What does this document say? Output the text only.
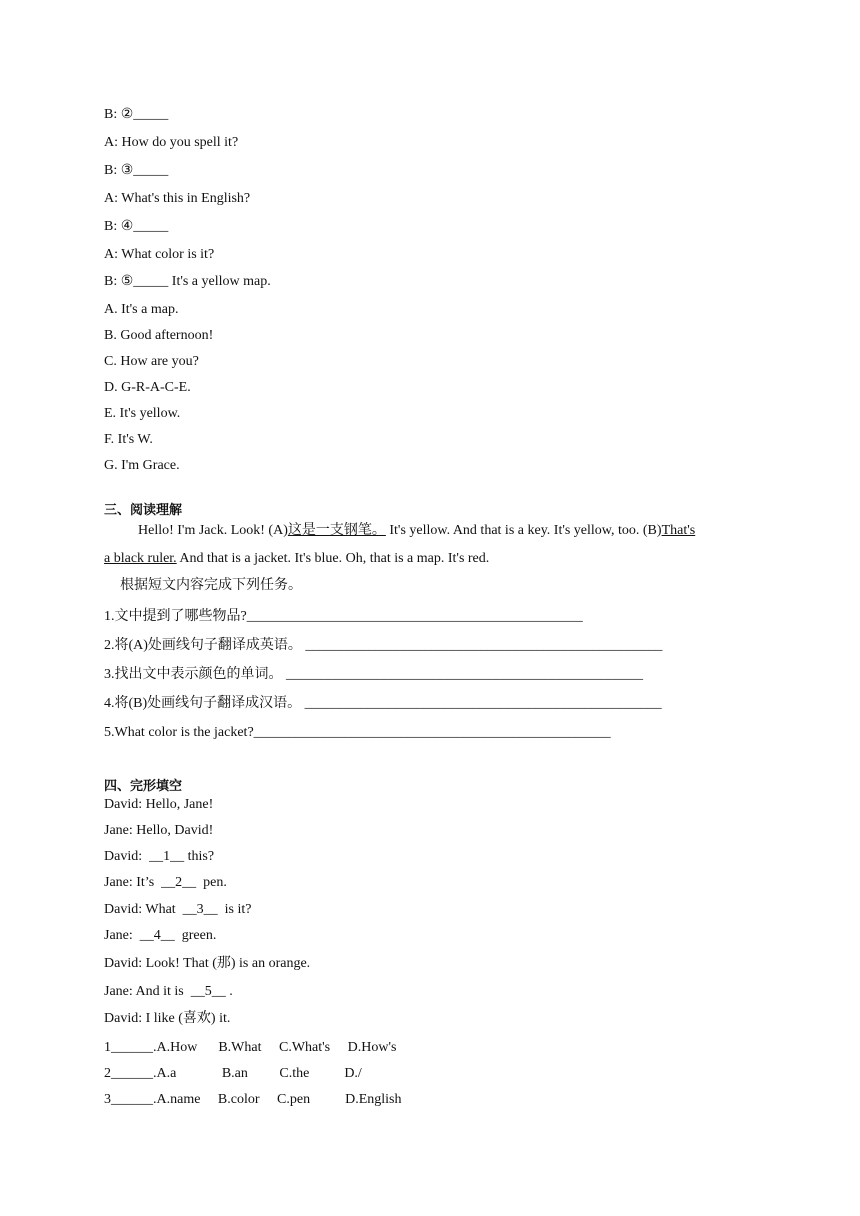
B: ②_____
A: How do you spell it?
B: ③_____
A: What's this in English?
B: ④_____
A: What color is it?
B: ⑤_____ It's a yellow map.
A. It's a map.
B. Good afternoon!
C. How are you?
D. G-R-A-C-E.
E. It's yellow.
F. It's W.
G. I'm Grace.
三、阅读理解
Hello! I'm Jack. Look! (A)这是一支钢笔。 It's yellow. And that is a key. It's yellow, too. (B)That's
a black ruler. And that is a jacket. It's blue. Oh, that is a map. It's red.
根据短文内容完成下列任务。
1.文中提到了哪些物品?________________________________________________
2.将(A)处画线句子翻译成英语。 ___________________________________________________
3.找出文中表示颜色的单词。 ___________________________________________________
4.将(B)处画线句子翻译成汉语。 ___________________________________________________
5.What color is the jacket?___________________________________________________
四、完形填空
David: Hello, Jane!
Jane: Hello, David!
David:  __1__ this?
Jane: It’s  __2__  pen.
David: What  __3__  is it?
Jane:  __4__  green.
David: Look! That (那) is an orange.
Jane: And it is  __5__ .
David: I like (喜欢) it.
1______.A.How      B.What     C.What's     D.How's
2______.A.a             B.an         C.the          D./
3______.A.name     B.color     C.pen          D.English
